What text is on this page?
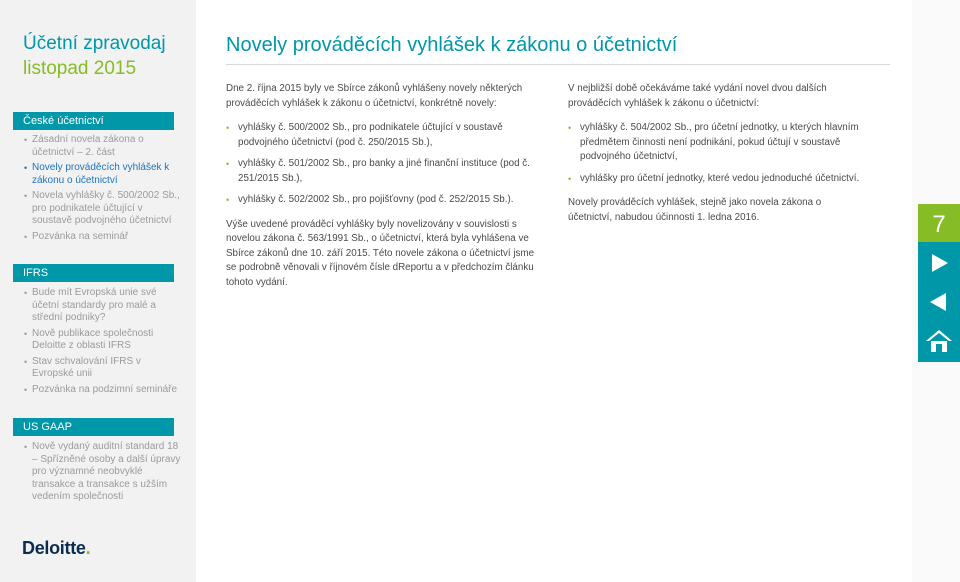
Účetní zpravodaj
listopad 2015
České účetnictví
• Zásadní novela zákona o účetnictví – 2. část
• Novely prováděcích vyhlášek k zákonu o účetnictví
• Novela vyhlášky č. 500/2002 Sb., pro podnikatele účtující v soustavě podvojného účetnictví
• Pozvánka na seminář
IFRS
• Bude mít Evropská unie své účetní standardy pro malé a střední podniky?
• Nově publikace společnosti Deloitte z oblasti IFRS
• Stav schvalování IFRS v Evropské unii
• Pozvánka na podzimní semináře
US GAAP
• Nově vydaný auditní standard 18 – Spřízněné osoby a další úpravy pro významné neobvyklé transakce a transakce s užším vedením společnosti
Deloitte.
Novely prováděcích vyhlášek k zákonu o účetnictví

Dne 2. října 2015 byly ve Sbírce zákonů vyhlášeny novely některých prováděcích vyhlášek k zákonu o účetnictví, konkrétně novely:

• vyhlášky č. 500/2002 Sb., pro podnikatele účtující v soustavě podvojného účetnictví (pod č. 250/2015 Sb.),
• vyhlášky č. 501/2002 Sb., pro banky a jiné finanční instituce (pod č. 251/2015 Sb.),
• vyhlášky č. 502/2002 Sb., pro pojišťovny (pod č. 252/2015 Sb.).

Výše uvedené prováděcí vyhlášky byly novelizovány v souvislosti s novelou zákona č. 563/1991 Sb., o účetnictví, která byla vyhlášena ve Sbírce zákonů dne 10. září 2015. Této novele zákona o účetnictví jsme se podrobně věnovali v říjnovém čísle dReportu a v předchozím článku tohoto vydání.

V nejbližší době očekáváme také vydání novel dvou dalších prováděcích vyhlášek k zákonu o účetnictví:

• vyhlášky č. 504/2002 Sb., pro účetní jednotky, u kterých hlavním předmětem činnosti není podnikání, pokud účtují v soustavě podvojného účetnictví,
• vyhlášky pro účetní jednotky, které vedou jednoduché účetnictví.

Novely prováděcích vyhlášek, stejně jako novela zákona o účetnictví, nabudou účinnosti 1. ledna 2016.	7
